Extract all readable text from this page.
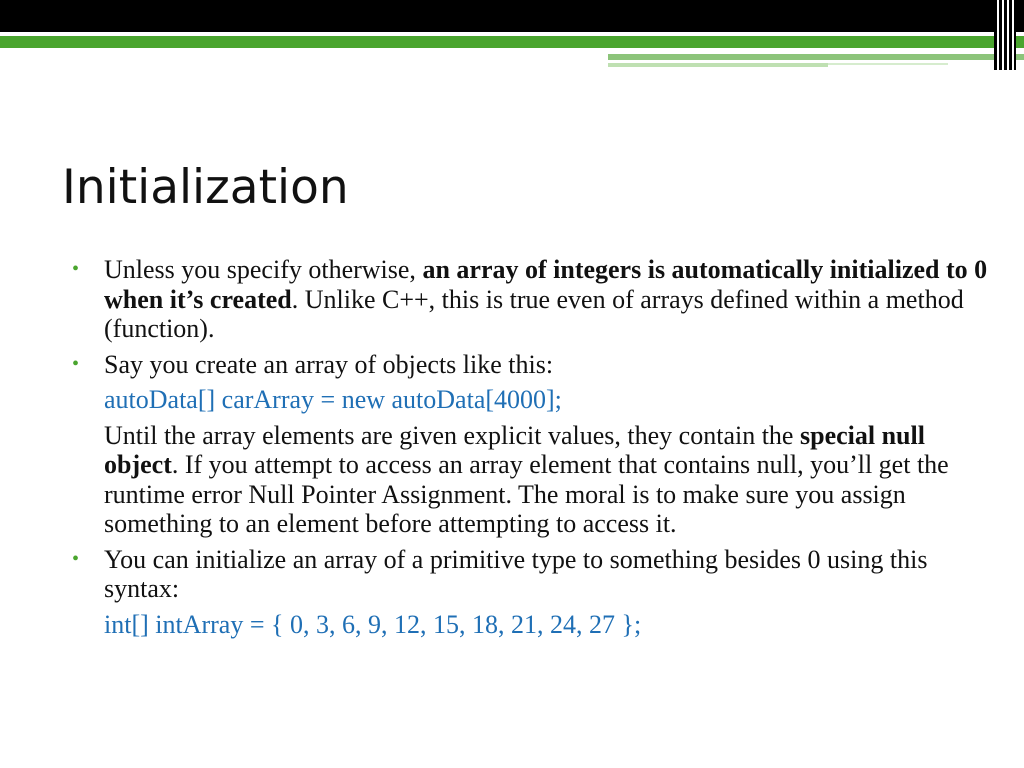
Initialization
• Unless you specify otherwise, an array of integers is automatically initialized to 0 when it’s created. Unlike C++, this is true even of arrays defined within a method (function).
• Say you create an array of objects like this:
autoData[] carArray = new autoData[4000];
Until the array elements are given explicit values, they contain the special null object. If you attempt to access an array element that contains null, you’ll get the runtime error Null Pointer Assignment. The moral is to make sure you assign something to an element before attempting to access it.
• You can initialize an array of a primitive type to something besides 0 using this syntax:
int[] intArray = { 0, 3, 6, 9, 12, 15, 18, 21, 24, 27 };
